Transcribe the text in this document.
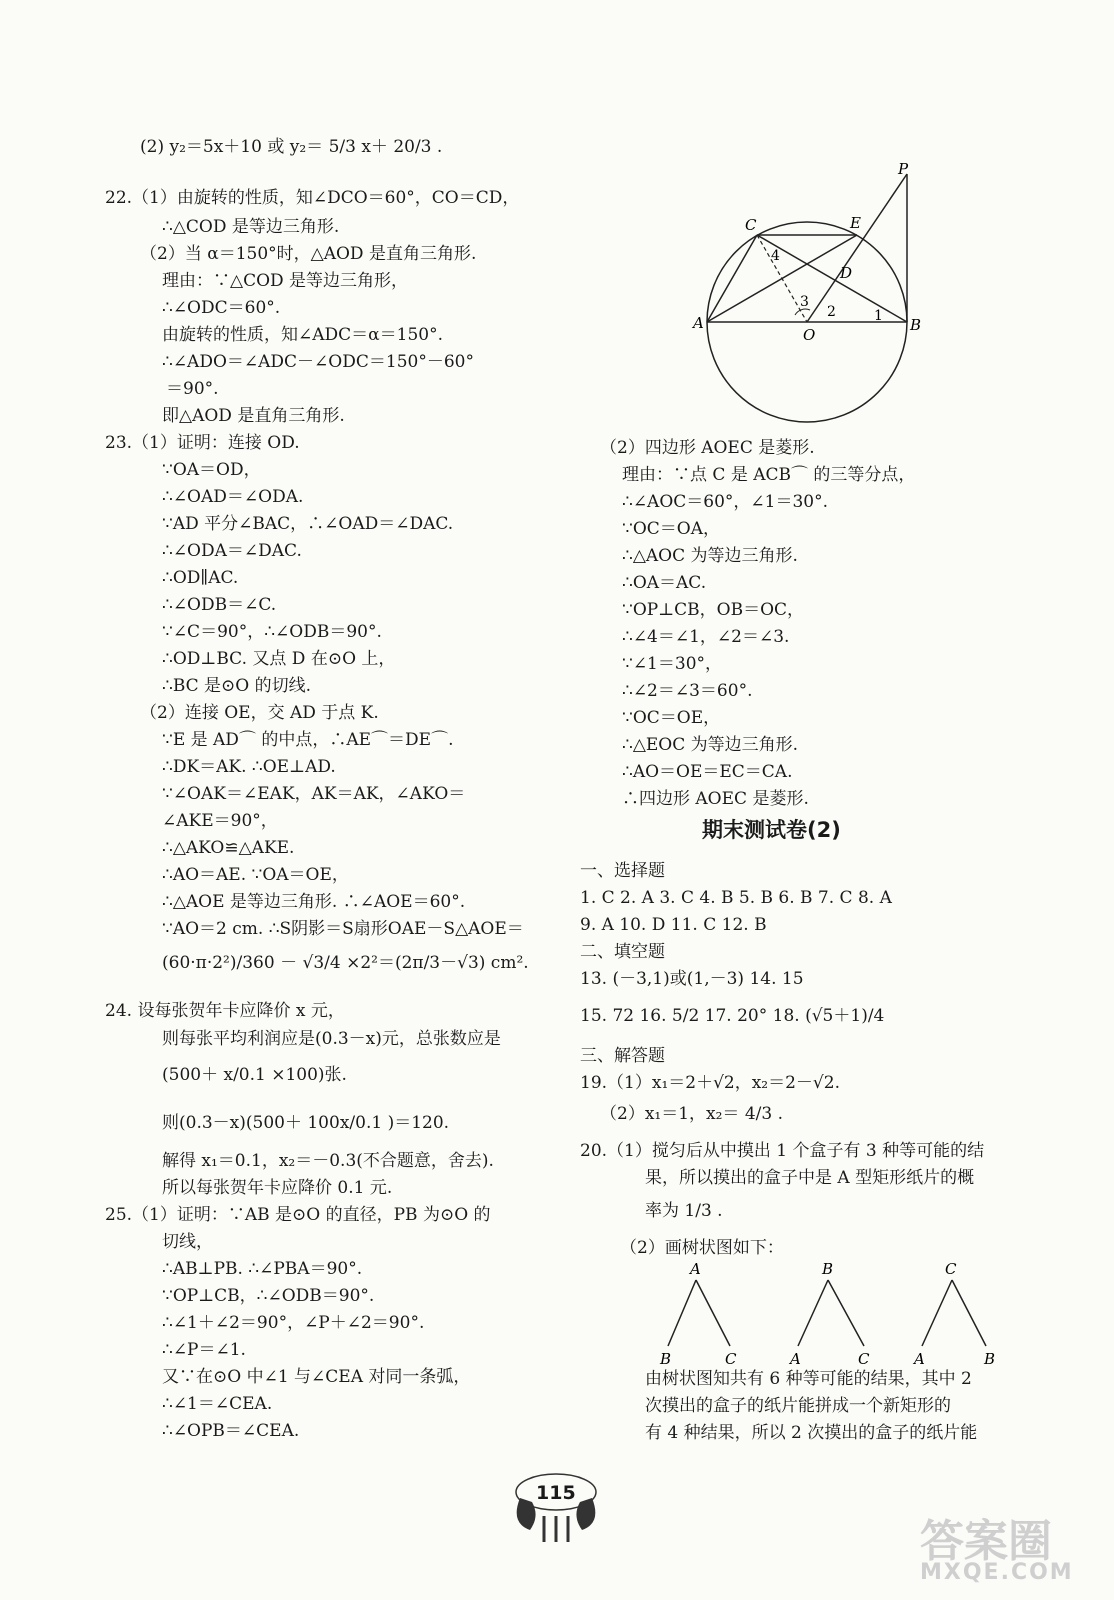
(2) y₂＝5x＋10 或 y₂＝ 5/3 x＋ 20/3 .
22.（1）由旋转的性质，知∠DCO＝60°，CO＝CD，
∴△COD 是等边三角形.
（2）当 α＝150°时，△AOD 是直角三角形.
理由：∵△COD 是等边三角形，
∴∠ODC＝60°.
由旋转的性质，知∠ADC＝α＝150°.
∴∠ADO＝∠ADC－∠ODC＝150°－60°
＝90°.
即△AOD 是直角三角形.
23.（1）证明：连接 OD.
∵OA＝OD，
∴∠OAD＝∠ODA.
∵AD 平分∠BAC，∴∠OAD＝∠DAC.
∴∠ODA＝∠DAC.
∴OD∥AC.
∴∠ODB＝∠C.
∵∠C＝90°，∴∠ODB＝90°.
∴OD⊥BC. 又点 D 在⊙O 上，
∴BC 是⊙O 的切线.
（2）连接 OE，交 AD 于点 K.
∵E 是 AD⌒ 的中点，∴AE⌒＝DE⌒.
∴DK＝AK. ∴OE⊥AD.
∵∠OAK＝∠EAK，AK＝AK，∠AKO＝
∠AKE＝90°，
∴△AKO≌△AKE.
∴AO＝AE. ∵OA＝OE，
∴△AOE 是等边三角形. ∴∠AOE＝60°.
∵AO＝2 cm. ∴S阴影＝S扇形OAE－S△AOE＝
(60·π·2²)/360 － √3/4 ×2²＝(2π/3－√3) cm².
24. 设每张贺年卡应降价 x 元，
则每张平均利润应是(0.3－x)元，总张数应是
(500＋ x/0.1 ×100)张.
则(0.3－x)(500＋ 100x/0.1 )＝120.
解得 x₁＝0.1，x₂＝－0.3(不合题意，舍去).
所以每张贺年卡应降价 0.1 元.
25.（1）证明：∵AB 是⊙O 的直径，PB 为⊙O 的
切线，
∴AB⊥PB. ∴∠PBA＝90°.
∵OP⊥CB，∴∠ODB＝90°.
∴∠1＋∠2＝90°，∠P＋∠2＝90°.
∴∠P＝∠1.
又∵在⊙O 中∠1 与∠CEA 对同一条弧，
∴∠1＝∠CEA.
∴∠OPB＝∠CEA.
（2）四边形 AOEC 是菱形.
理由：∵点 C 是 ACB⌒ 的三等分点，
∴∠AOC＝60°，∠1＝30°.
∵OC＝OA，
∴△AOC 为等边三角形.
∴OA＝AC.
∵OP⊥CB，OB＝OC，
∴∠4＝∠1，∠2＝∠3.
∵∠1＝30°，
∴∠2＝∠3＝60°.
∵OC＝OE，
∴△EOC 为等边三角形.
∴AO＝OE＝EC＝CA.
∴四边形 AOEC 是菱形.
一、选择题
1. C 2. A 3. C 4. B 5. B 6. B 7. C 8. A
9. A 10. D 11. C 12. B
二、填空题
13. (－3,1)或(1,－3) 14. 15
15. 72 16. 5/2 17. 20° 18. (√5＋1)/4
三、解答题
19.（1）x₁＝2＋√2，x₂＝2－√2.
（2）x₁＝1，x₂＝ 4/3 .
20.（1）搅匀后从中摸出 1 个盒子有 3 种等可能的结
果，所以摸出的盒子中是 A 型矩形纸片的概
率为 1/3 .
（2）画树状图如下：
由树状图知共有 6 种等可能的结果，其中 2
次摸出的盒子的纸片能拼成一个新矩形的
有 4 种结果，所以 2 次摸出的盒子的纸片能
期末测试卷(2)
P
C	E
A
O
B
D
1
2
3
4
A
B	C
B
A	C
C
A	B
115
答案圈
MXQE.COM
